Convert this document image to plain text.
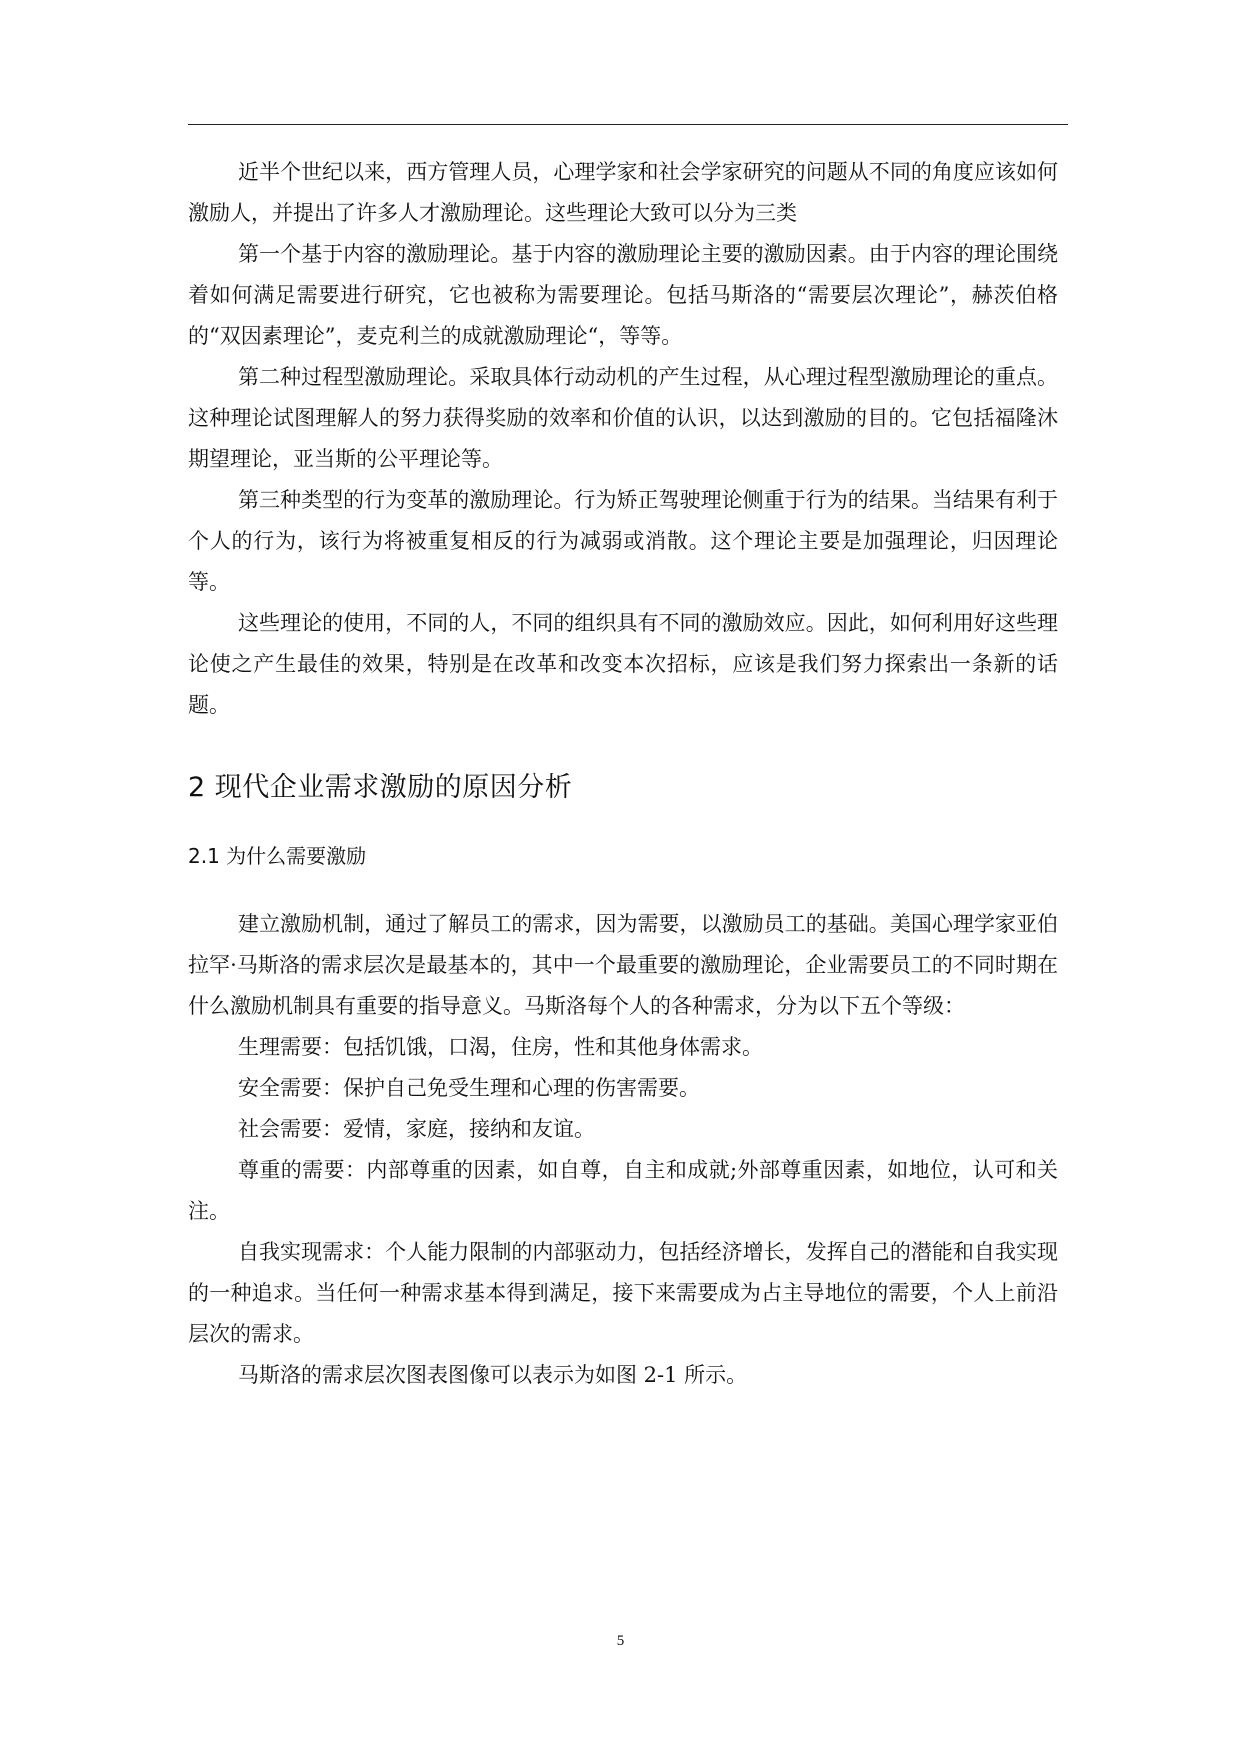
近半个世纪以来，西方管理人员，心理学家和社会学家研究的问题从不同的角度应该如何激励人，并提出了许多人才激励理论。这些理论大致可以分为三类

第一个基于内容的激励理论。基于内容的激励理论主要的激励因素。由于内容的理论围绕着如何满足需要进行研究，它也被称为需要理论。包括马斯洛的“需要层次理论”，赫茨伯格的“双因素理论”，麦克利兰的成就激励理论“，等等。

第二种过程型激励理论。采取具体行动动机的产生过程，从心理过程型激励理论的重点。这种理论试图理解人的努力获得奖励的效率和价值的认识，以达到激励的目的。它包括福隆沐期望理论，亚当斯的公平理论等。

第三种类型的行为变革的激励理论。行为矫正驾驶理论侧重于行为的结果。当结果有利于个人的行为，该行为将被重复相反的行为减弱或消散。这个理论主要是加强理论，归因理论等。

这些理论的使用，不同的人，不同的组织具有不同的激励效应。因此，如何利用好这些理论使之产生最佳的效果，特别是在改革和改变本次招标，应该是我们努力探索出一条新的话题。

2 现代企业需求激励的原因分析
2.1 为什么需要激励

建立激励机制，通过了解员工的需求，因为需要，以激励员工的基础。美国心理学家亚伯拉罕·马斯洛的需求层次是最基本的，其中一个最重要的激励理论，企业需要员工的不同时期在什么激励机制具有重要的指导意义。马斯洛每个人的各种需求，分为以下五个等级：

生理需要：包括饥饿，口渴，住房，性和其他身体需求。

安全需要：保护自己免受生理和心理的伤害需要。

社会需要：爱情，家庭，接纳和友谊。

尊重的需要：内部尊重的因素，如自尊，自主和成就;外部尊重因素，如地位，认可和关注。

自我实现需求：个人能力限制的内部驱动力，包括经济增长，发挥自己的潜能和自我实现的一种追求。当任何一种需求基本得到满足，接下来需要成为占主导地位的需要，个人上前沿层次的需求。

马斯洛的需求层次图表图像可以表示为如图 2-1 所示。

5
